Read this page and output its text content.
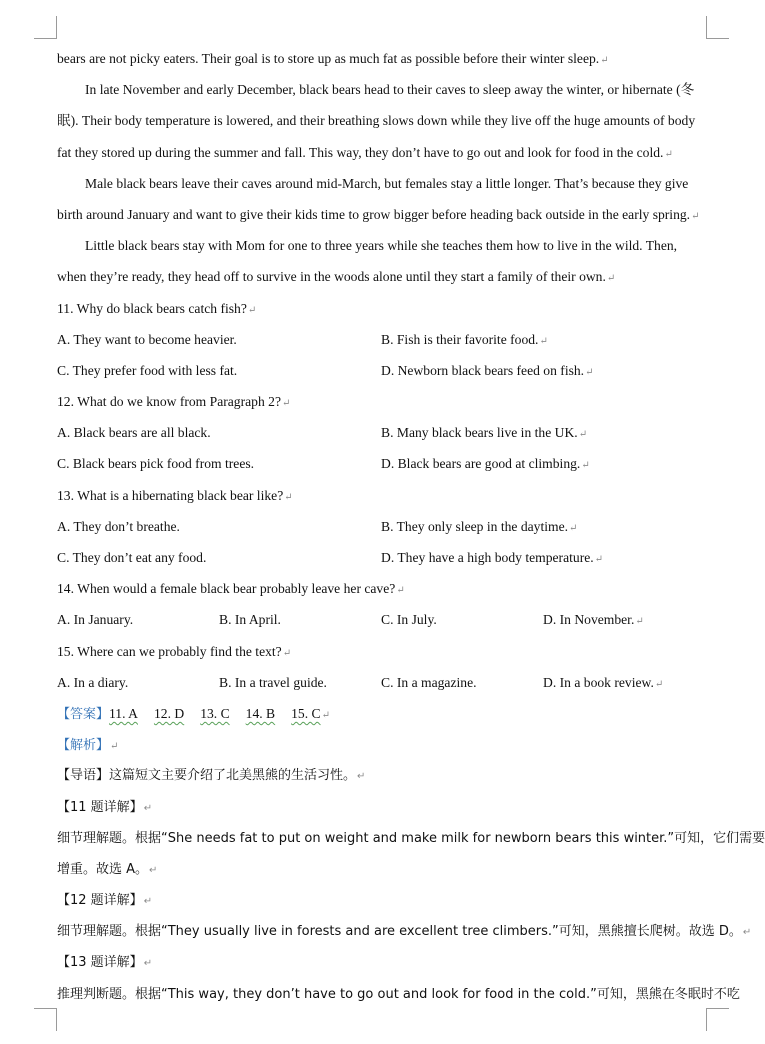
bears are not picky eaters. Their goal is to store up as much fat as possible before their winter sleep.↵
In late November and early December, black bears head to their caves to sleep away the winter, or hibernate (冬
眠). Their body temperature is lowered, and their breathing slows down while they live off the huge amounts of body
fat they stored up during the summer and fall. This way, they don’t have to go out and look for food in the cold.↵
Male black bears leave their caves around mid-March, but females stay a little longer. That’s because they give
birth around January and want to give their kids time to grow bigger before heading back outside in the early spring.↵
Little black bears stay with Mom for one to three years while she teaches them how to live in the wild. Then,
when they’re ready, they head off to survive in the woods alone until they start a family of their own.↵
11. Why do black bears catch fish?↵
A. They want to become heavier.	B. Fish is their favorite food.↵
C. They prefer food with less fat.	D. Newborn black bears feed on fish.↵
12. What do we know from Paragraph 2?↵
A. Black bears are all black.	B. Many black bears live in the UK.↵
C. Black bears pick food from trees.	D. Black bears are good at climbing.↵
13. What is a hibernating black bear like?↵
A. They don’t breathe.	B. They only sleep in the daytime.↵
C. They don’t eat any food.	D. They have a high body temperature.↵
14. When would a female black bear probably leave her cave?↵
A. In January.	B. In April.	C. In July.	D. In November.↵
15. Where can we probably find the text?↵
A. In a diary.	B. In a travel guide.	C. In a magazine.	D. In a book review.↵
【答案】11. A 12. D 13. C 14. B 15. C↵
【解析】↵
【导语】这篇短文主要介绍了北美黑熊的生活习性。↵
【11 题详解】↵
细节理解题。根据“She needs fat to put on weight and make milk for newborn bears this winter.”可知，它们需要
增重。故选 A。↵
【12 题详解】↵
细节理解题。根据“They usually live in forests and are excellent tree climbers.”可知，黑熊擅长爬树。故选 D。↵
【13 题详解】↵
推理判断题。根据“This way, they don’t have to go out and look for food in the cold.”可知，黑熊在冬眠时不吃
